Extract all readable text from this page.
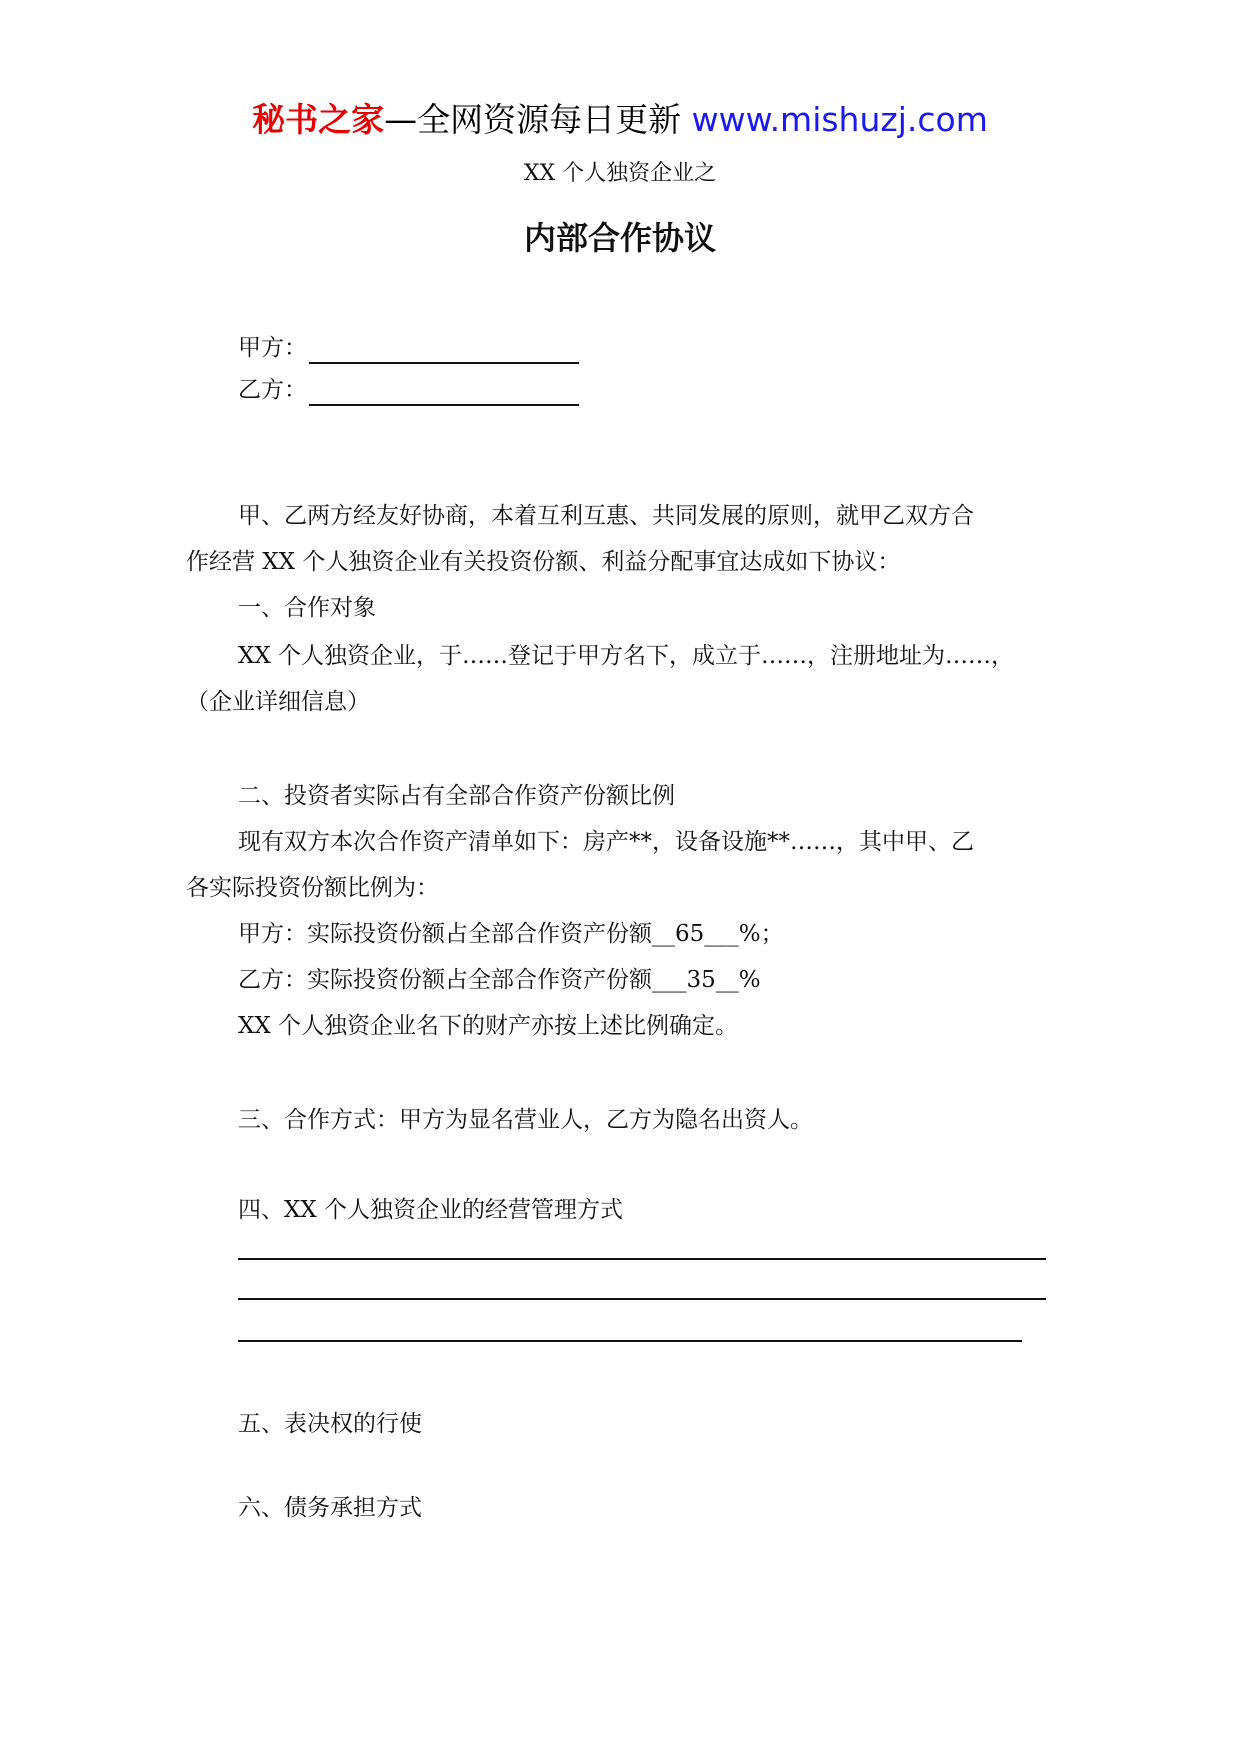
秘书之家—全网资源每日更新 www.mishuzj.com
XX 个人独资企业之
内部合作协议
甲方：
乙方：
甲、乙两方经友好协商，本着互利互惠、共同发展的原则，就甲乙双方合
作经营 XX 个人独资企业有关投资份额、利益分配事宜达成如下协议：
一、合作对象
XX 个人独资企业，于……登记于甲方名下，成立于……，注册地址为……，
（企业详细信息）
二、投资者实际占有全部合作资产份额比例
现有双方本次合作资产清单如下：房产**，设备设施**……，其中甲、乙
各实际投资份额比例为：
甲方：实际投资份额占全部合作资产份额__65___%；
乙方：实际投资份额占全部合作资产份额___35__%
XX 个人独资企业名下的财产亦按上述比例确定。
三、合作方式：甲方为显名营业人，乙方为隐名出资人。
四、XX 个人独资企业的经营管理方式
五、表决权的行使
六、债务承担方式
